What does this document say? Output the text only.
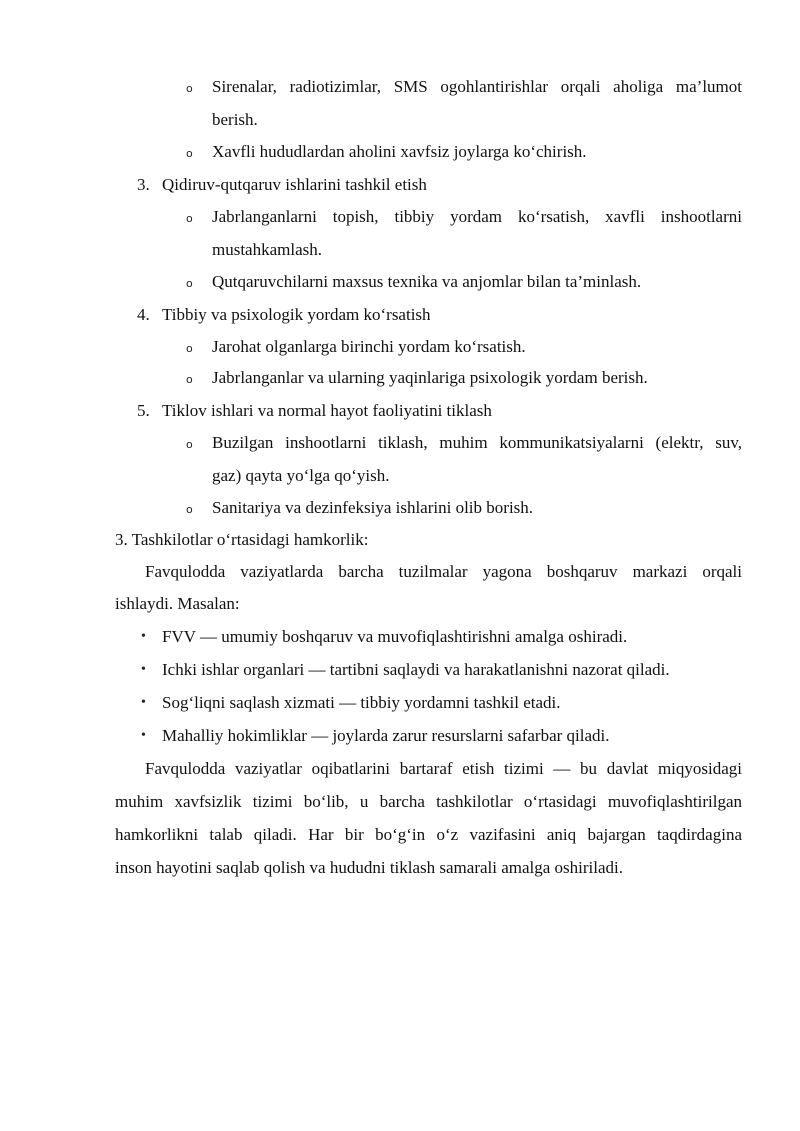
o Sirenalar, radiotizimlar, SMS ogohlantirishlar orqali aholiga ma’lumot
berish.
o Xavfli hududlardan aholini xavfsiz joylarga ko‘chirish.
3. Qidiruv-qutqaruv ishlarini tashkil etish
o Jabrlanganlarni topish, tibbiy yordam ko‘rsatish, xavfli inshootlarni
mustahkamlash.
o Qutqaruvchilarni maxsus texnika va anjomlar bilan ta’minlash.
4. Tibbiy va psixologik yordam ko‘rsatish
o Jarohat olganlarga birinchi yordam ko‘rsatish.
o Jabrlanganlar va ularning yaqinlariga psixologik yordam berish.
5. Tiklov ishlari va normal hayot faoliyatini tiklash
o Buzilgan inshootlarni tiklash, muhim kommunikatsiyalarni (elektr, suv,
gaz) qayta yo‘lga qo‘yish.
o Sanitariya va dezinfeksiya ishlarini olib borish.
3. Tashkilotlar o‘rtasidagi hamkorlik:
Favqulodda vaziyatlarda barcha tuzilmalar yagona boshqaruv markazi orqali
ishlaydi. Masalan:
• FVV — umumiy boshqaruv va muvofiqlashtirishni amalga oshiradi.
• Ichki ishlar organlari — tartibni saqlaydi va harakatlanishni nazorat qiladi.
• Sog‘liqni saqlash xizmati — tibbiy yordamni tashkil etadi.
• Mahalliy hokimliklar — joylarda zarur resurslarni safarbar qiladi.
Favqulodda vaziyatlar oqibatlarini bartaraf etish tizimi — bu davlat miqyosidagi
muhim xavfsizlik tizimi bo‘lib, u barcha tashkilotlar o‘rtasidagi muvofiqlashtirilgan
hamkorlikni talab qiladi. Har bir bo‘g‘in o‘z vazifasini aniq bajargan taqdirdagina
inson hayotini saqlab qolish va hududni tiklash samarali amalga oshiriladi.
